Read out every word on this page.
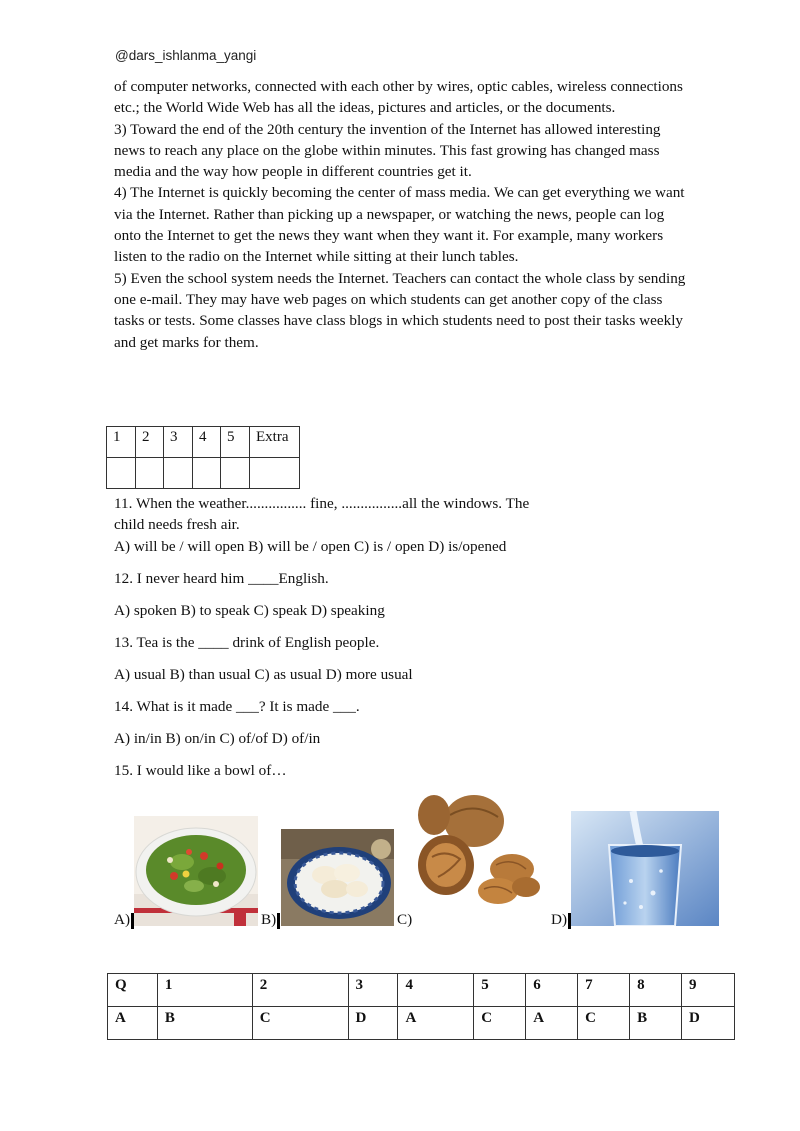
@dars_ishlanma_yangi

of computer networks, connected with each other by wires, optic cables, wireless connections etc.; the World Wide Web has all the ideas, pictures and articles, or the documents.

3) Toward the end of the 20th century the invention of the Internet has allowed interesting news to reach any place on the globe within minutes. This fast growing has changed mass media and the way how people in different countries get it.

4) The Internet is quickly becoming the center of mass media. We can get everything we want via the Internet. Rather than picking up a newspaper, or watching the news, people can log onto the Internet to get the news they want when they want it. For example, many workers listen to the radio on the Internet while sitting at their lunch tables.

5) Even the school system needs the Internet. Teachers can contact the whole class by sending one e-mail. They may have web pages on which students can get another copy of the class tasks or tests. Some classes have class blogs in which students need to post their tasks weekly and get marks for them.

1	2	3	4	5	Extra

11. When the weather................ fine, ................all the windows. The
child needs fresh air.
A) will be / will open B) will be / open C) is / open D) is/opened
12. I never heard him ____English.
A) spoken B) to speak C) speak D) speaking
13. Tea is the ____ drink of English people.
A) usual B) than usual C) as usual D) more usual
14. What is it made ___? It is made ___.
A) in/in B) on/in C) of/of D) of/in
15. I would like a bowl of…
A)	B)	C)	D)
Q	1	2	3	4	5	6	7	8	9
A	B	C	D	A	C	A	C	B	D
